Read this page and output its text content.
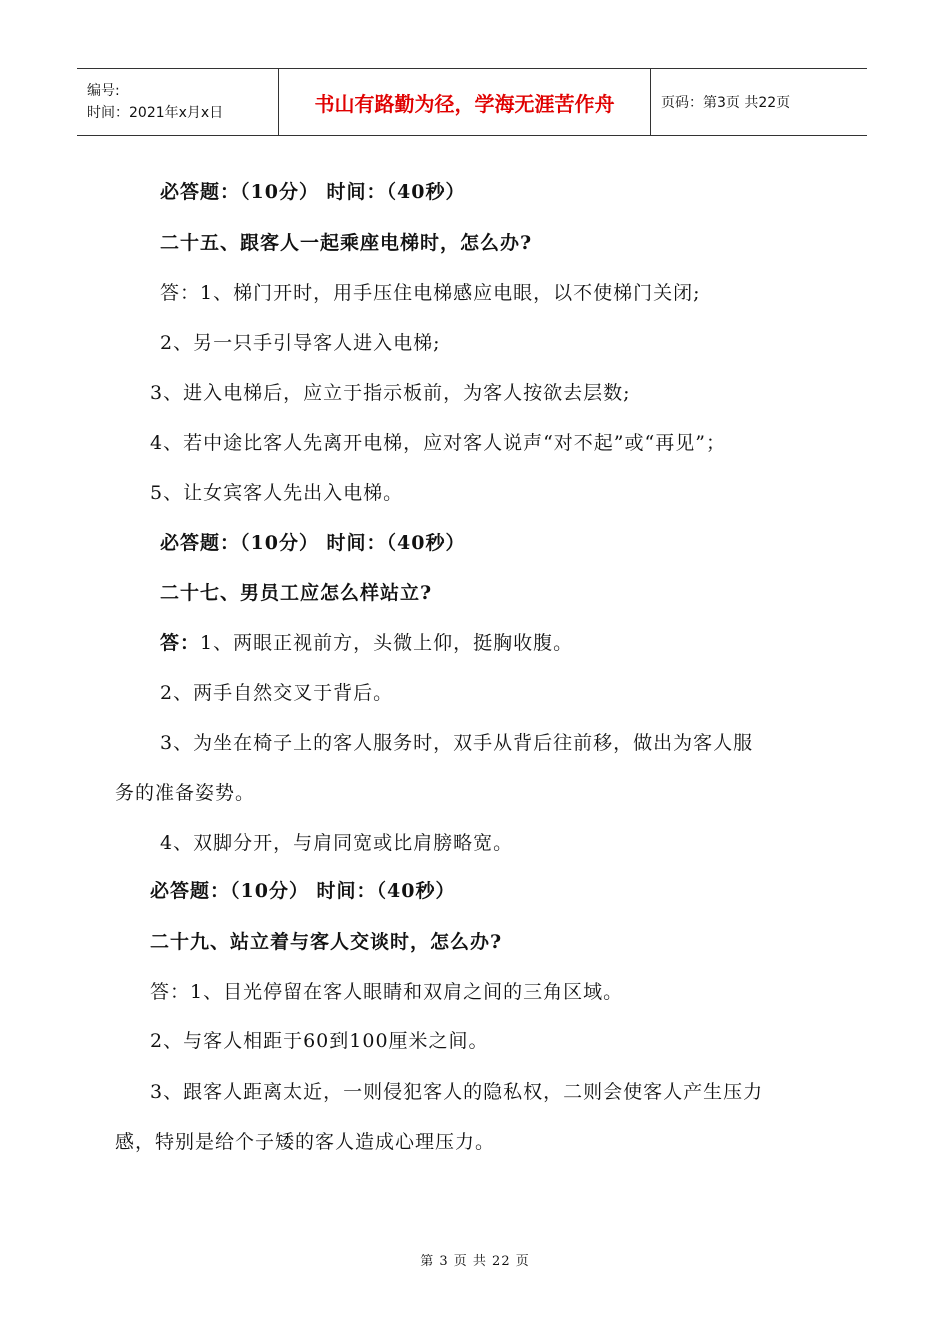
编号:
时间：2021年x月x日	书山有路勤为径，学海无涯苦作舟	页码：第3页 共22页
必答题：（10分） 时间：（40秒）
二十五、跟客人一起乘座电梯时，怎么办?
答：1、梯门开时，用手压住电梯感应电眼，以不使梯门关闭;
2、另一只手引导客人进入电梯;
3、进入电梯后，应立于指示板前，为客人按欲去层数;
4、若中途比客人先离开电梯，应对客人说声“对不起”或“再见”；
5、让女宾客人先出入电梯。
必答题：（10分） 时间：（40秒）
二十七、男员工应怎么样站立?
答：1、两眼正视前方，头微上仰，挺胸收腹。
2、两手自然交叉于背后。
3、为坐在椅子上的客人服务时，双手从背后往前移，做出为客人服
务的准备姿势。
4、双脚分开，与肩同宽或比肩膀略宽。
必答题：（10分） 时间：（40秒）
二十九、站立着与客人交谈时，怎么办?
答：1、目光停留在客人眼睛和双肩之间的三角区域。
2、与客人相距于60到100厘米之间。
3、跟客人距离太近，一则侵犯客人的隐私权，二则会使客人产生压力
感，特别是给个子矮的客人造成心理压力。
第 3 页 共 22 页
